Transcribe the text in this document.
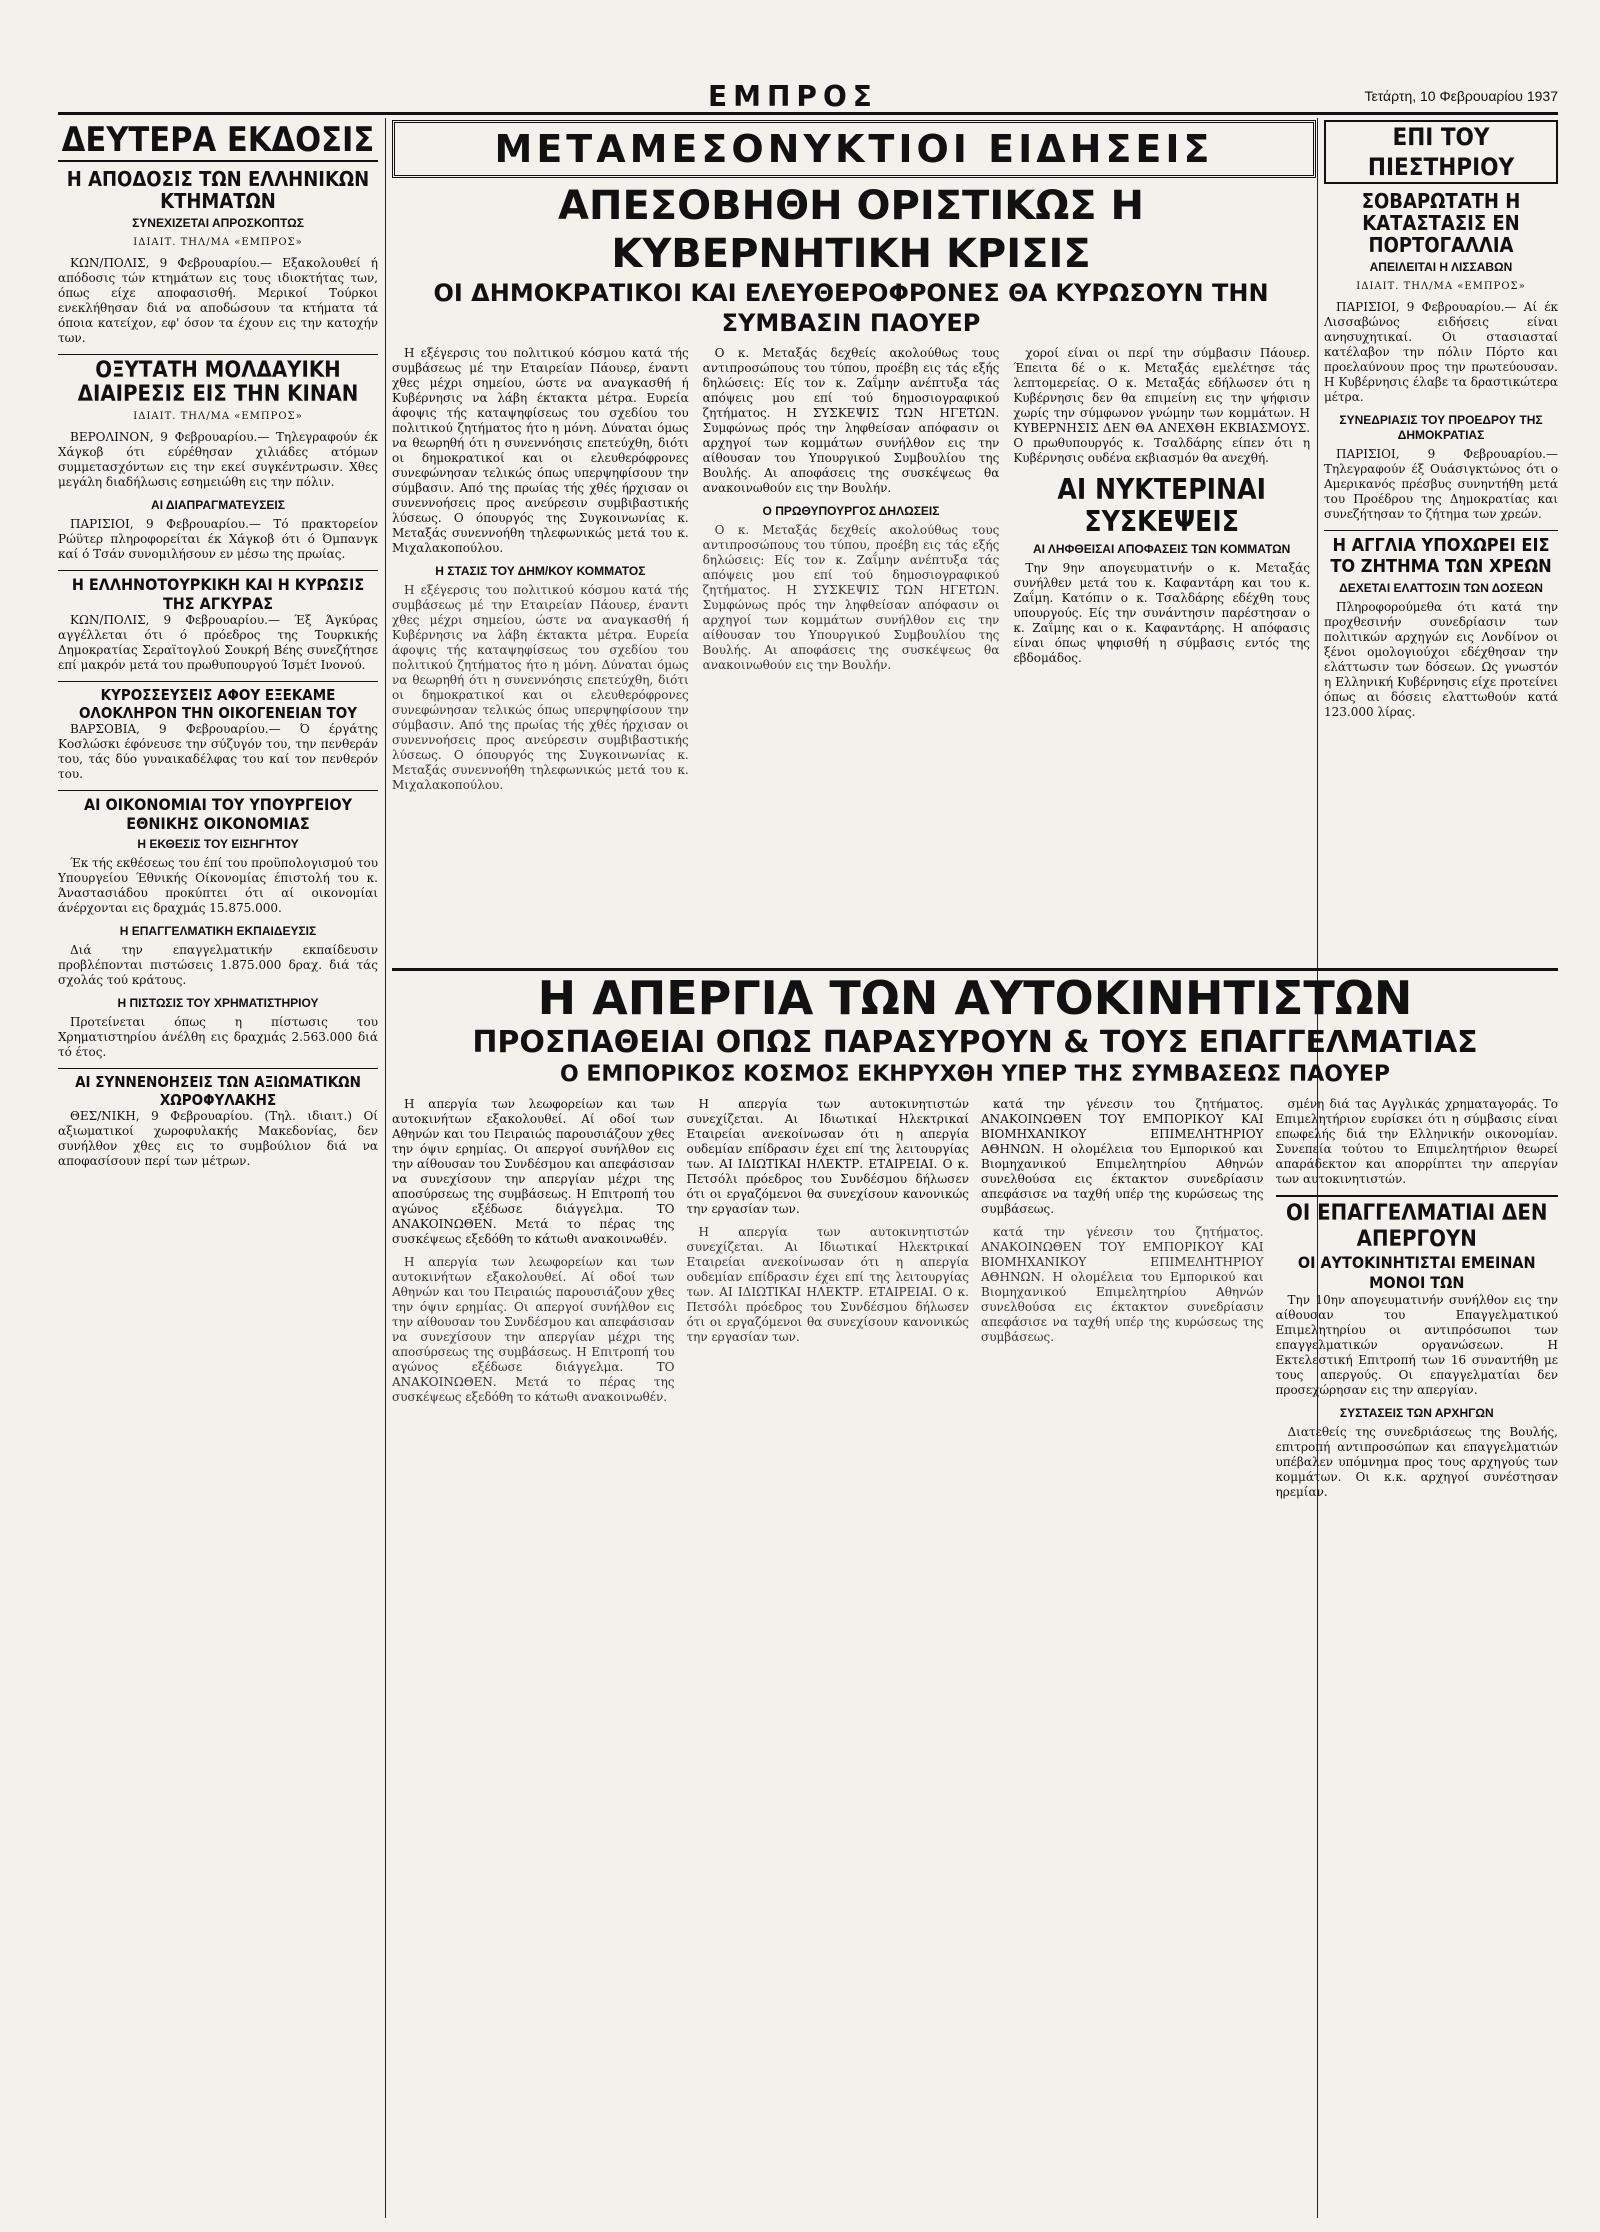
ΕΜΠΡΟΣ	Τετάρτη, 10 Φεβρουαρίου 1937
ΔΕΥΤΕΡΑ ΕΚΔΟΣΙΣ
Η ΑΠΟΔΟΣΙΣ ΤΩΝ ΕΛΛΗΝΙΚΩΝ ΚΤΗΜΑΤΩΝ
ΣΥΝΕΧΙΖΕΤΑΙ ΑΠΡΟΣΚΟΠΤΩΣ
ΙΔΙΑΙΤ. ΤΗΛ/ΜΑ «ΕΜΠΡΟΣ»

ΚΩΝ/ΠΟΛΙΣ, 9 Φεβρουαρίου.— Εξακολουθεί ή απόδοσις τών κτημάτων εις τους ιδιοκτήτας των, όπως είχε αποφασισθή. Μερικοί Τούρκοι ενεκλήθησαν διά να αποδώσουν τα κτήματα τά όποια κατείχον, εφ' όσον τα έχουν εις την κατοχήν των.

ΟΞΥΤΑΤΗ ΜΟΛΔΑΥΙΚΗ ΔΙΑΙΡΕΣΙΣ ΕΙΣ ΤΗΝ ΚΙΝΑΝ
ΙΔΙΑΙΤ. ΤΗΛ/ΜΑ «ΕΜΠΡΟΣ»

ΒΕΡΟΛΙΝΟΝ, 9 Φεβρουαρίου.— Τηλεγραφούν έκ Χάγκοβ ότι εύρέθησαν χιλιάδες ατόμων συμμετασχόντων εις την εκεί συγκέντρωσιν. Χθες μεγάλη διαδήλωσις εσημειώθη εις την πόλιν.

ΑΙ ΔΙΑΠΡΑΓΜΑΤΕΥΣΕΙΣ

ΠΑΡΙΣΙΟΙ, 9 Φεβρουαρίου.— Τό πρακτορείον Ρώϋτερ πληροφορείται έκ Χάγκοβ ότι ό Όμπανγκ καί ό Τσάν συνομιλήσουν εν μέσω της πρωίας.

Η ΕΛΛΗΝΟΤΟΥΡΚΙΚΗ ΚΑΙ Η ΚΥΡΩΣΙΣ ΤΗΣ ΑΓΚΥΡΑΣ

ΚΩΝ/ΠΟΛΙΣ, 9 Φεβρουαρίου.— Έξ Άγκύρας αγγέλλεται ότι ό πρόεδρος της Τουρκικής Δημοκρατίας Σεραϊτογλού Σουκρή Βέης συνεζήτησε επί μακρόν μετά του πρωθυπουργού Ίσμέτ Ινονού.

ΚΥΡΟΣΣΕΥΣΕΙΣ ΑΦΟΥ ΕΞΕΚΑΜΕ ΟΛΟΚΛΗΡΟΝ ΤΗΝ ΟΙΚΟΓΕΝΕΙΑΝ ΤΟΥ

ΒΑΡΣΟΒΙΑ, 9 Φεβρουαρίου.— Ό έργάτης Κοσλώσκι έφόνευσε την σύζυγόν του, την πενθεράν του, τάς δύο γυναικαδέλφας του καί τον πενθερόν του.

ΑΙ ΟΙΚΟΝΟΜΙΑΙ ΤΟΥ ΥΠΟΥΡΓΕΙΟΥ ΕΘΝΙΚΗΣ ΟΙΚΟΝΟΜΙΑΣ
Η ΕΚΘΕΣΙΣ ΤΟΥ ΕΙΣΗΓΗΤΟΥ

Έκ τής εκθέσεως του έπί του προϋπολογισμού του Υπουργείου Έθνικής Οίκονομίας έπιστολή του κ. Άναστασιάδου προκύπτει ότι αί οικονομίαι άνέρχονται εις δραχμάς 15.875.000.

Η ΕΠΑΓΓΕΛΜΑΤΙΚΗ ΕΚΠΑΙΔΕΥΣΙΣ

Διά την επαγγελματικήν εκπαίδευσιν προβλέπονται πιστώσεις 1.875.000 δραχ. διά τάς σχολάς τού κράτους.

Η ΠΙΣΤΩΣΙΣ ΤΟΥ ΧΡΗΜΑΤΙΣΤΗΡΙΟΥ

Προτείνεται όπως η πίστωσις του Χρηματιστηρίου άνέλθη εις δραχμάς 2.563.000 διά τό έτος.

ΑΙ ΣΥΝΝΕΝΟΗΣΕΙΣ ΤΩΝ ΑΞΙΩΜΑΤΙΚΩΝ ΧΩΡΟΦΥΛΑΚΗΣ

ΘΕΣ/ΝΙΚΗ, 9 Φεβρουαρίου. (Τηλ. ιδιαιτ.) Οί αξιωματικοί χωροφυλακής Μακεδονίας, δεν συνήλθον χθες εις το συμβούλιον διά να αποφασίσουν περί των μέτρων.

ΜΕΤΑΜΕΣΟΝΥΚΤΙΟΙ ΕΙΔΗΣΕΙΣ
ΑΠΕΣΟΒΗΘΗ ΟΡΙΣΤΙΚΩΣ Η ΚΥΒΕΡΝΗΤΙΚΗ ΚΡΙΣΙΣ
ΟΙ ΔΗΜΟΚΡΑΤΙΚΟΙ ΚΑΙ ΕΛΕΥΘΕΡΟΦΡΟΝΕΣ ΘΑ ΚΥΡΩΣΟΥΝ ΤΗΝ ΣΥΜΒΑΣΙΝ ΠΑΟΥΕΡ

Η εξέγερσις του πολιτικού κόσμου κατά τής συμβάσεως μέ την Εταιρείαν Πάουερ, έναντι χθες μέχρι σημείου, ώστε να αναγκασθή ή Κυβέρνησις να λάβη έκτακτα μέτρα. Ευρεία άφοψις τής καταψηφίσεως του σχεδίου του πολιτικού ζητήματος ήτο η μόνη. Δύναται όμως να θεωρηθή ότι η συνεννόησις επετεύχθη, διότι οι δημοκρατικοί και οι ελευθερόφρονες συνεφώνησαν τελικώς όπως υπερψηφίσουν την σύμβασιν. Από της πρωίας τής χθές ήρχισαν οι συνεννοήσεις προς ανεύρεσιν συμβιβαστικής λύσεως. Ο όπουργός της Συγκοινωνίας κ. Μεταξάς συνεννοήθη τηλεφωνικώς μετά του κ. Μιχαλακοπούλου.

Η ΣΤΑΣΙΣ ΤΟΥ ΔΗΜ/ΚΟΥ ΚΟΜΜΑΤΟΣ

Η εξέγερσις του πολιτικού κόσμου κατά τής συμβάσεως μέ την Εταιρείαν Πάουερ, έναντι χθες μέχρι σημείου, ώστε να αναγκασθή ή Κυβέρνησις να λάβη έκτακτα μέτρα. Ευρεία άφοψις τής καταψηφίσεως του σχεδίου του πολιτικού ζητήματος ήτο η μόνη. Δύναται όμως να θεωρηθή ότι η συνεννόησις επετεύχθη, διότι οι δημοκρατικοί και οι ελευθερόφρονες συνεφώνησαν τελικώς όπως υπερψηφίσουν την σύμβασιν. Από της πρωίας τής χθές ήρχισαν οι συνεννοήσεις προς ανεύρεσιν συμβιβαστικής λύσεως. Ο όπουργός της Συγκοινωνίας κ. Μεταξάς συνεννοήθη τηλεφωνικώς μετά του κ. Μιχαλακοπούλου.

Ο κ. Μεταξάς δεχθείς ακολούθως τους αντιπροσώπους του τύπου, προέβη εις τάς εξής δηλώσεις: Είς τον κ. Ζαΐμην ανέπτυξα τάς απόψεις μου επί τού δημοσιογραφικού ζητήματος. Η ΣΥΣΚΕΨΙΣ ΤΩΝ ΗΓΕΤΩΝ. Συμφώνως πρός την ληφθείσαν απόφασιν οι αρχηγοί των κομμάτων συνήλθον εις την αίθουσαν του Υπουργικού Συμβουλίου της Βουλής. Αι αποφάσεις της συσκέψεως θα ανακοινωθούν εις την Βουλήν.

Ο ΠΡΩΘΥΠΟΥΡΓΟΣ ΔΗΛΩΣΕΙΣ

Ο κ. Μεταξάς δεχθείς ακολούθως τους αντιπροσώπους του τύπου, προέβη εις τάς εξής δηλώσεις: Είς τον κ. Ζαΐμην ανέπτυξα τάς απόψεις μου επί τού δημοσιογραφικού ζητήματος. Η ΣΥΣΚΕΨΙΣ ΤΩΝ ΗΓΕΤΩΝ. Συμφώνως πρός την ληφθείσαν απόφασιν οι αρχηγοί των κομμάτων συνήλθον εις την αίθουσαν του Υπουργικού Συμβουλίου της Βουλής. Αι αποφάσεις της συσκέψεως θα ανακοινωθούν εις την Βουλήν.

χοροί είναι οι περί την σύμβασιν Πάουερ. Έπειτα δέ ο κ. Μεταξάς εμελέτησε τάς λεπτομερείας. Ο κ. Μεταξάς εδήλωσεν ότι η Κυβέρνησις δεν θα επιμείνη εις την ψήφισιν χωρίς την σύμφωνον γνώμην των κομμάτων. Η ΚΥΒΕΡΝΗΣΙΣ ΔΕΝ ΘΑ ΑΝΕΧΘΗ ΕΚΒΙΑΣΜΟΥΣ. Ο πρωθυπουργός κ. Τσαλδάρης είπεν ότι η Κυβέρνησις ουδένα εκβιασμόν θα ανεχθή.

ΑΙ ΝΥΚΤΕΡΙΝΑΙ ΣΥΣΚΕΨΕΙΣ
ΑΙ ΛΗΦΘΕΙΣΑΙ ΑΠΟΦΑΣΕΙΣ ΤΩΝ ΚΟΜΜΑΤΩΝ

Την 9ην απογευματινήν ο κ. Μεταξάς συνήλθεν μετά του κ. Καφαντάρη και του κ. Ζαΐμη. Κατόπιν ο κ. Τσαλδάρης εδέχθη τους υπουργούς. Είς την συνάντησιν παρέστησαν ο κ. Ζαΐμης και ο κ. Καφαντάρης. Η απόφασις είναι όπως ψηφισθή η σύμβασις εντός της εβδομάδος.

ΕΠΙ ΤΟΥ ΠΙΕΣΤΗΡΙΟΥ
ΣΟΒΑΡΩΤΑΤΗ Η ΚΑΤΑΣΤΑΣΙΣ ΕΝ ΠΟΡΤΟΓΑΛΛΙΑ
ΑΠΕΙΛΕΙΤΑΙ Η ΛΙΣΣΑΒΩΝ
ΙΔΙΑΙΤ. ΤΗΛ/ΜΑ «ΕΜΠΡΟΣ»

ΠΑΡΙΣΙΟΙ, 9 Φεβρουαρίου.— Αί έκ Λισσαβώνος ειδήσεις είναι ανησυχητικαί. Οι στασιασταί κατέλαβον την πόλιν Πόρτο και προελαύνουν προς την πρωτεύουσαν. Η Κυβέρνησις έλαβε τα δραστικώτερα μέτρα.

ΣΥΝΕΔΡΙΑΣΙΣ ΤΟΥ ΠΡΟΕΔΡΟΥ ΤΗΣ ΔΗΜΟΚΡΑΤΙΑΣ

ΠΑΡΙΣΙΟΙ, 9 Φεβρουαρίου.— Τηλεγραφούν έξ Ουάσιγκτώνος ότι ο Αμερικανός πρέσβυς συνηντήθη μετά του Προέδρου της Δημοκρατίας και συνεζήτησαν το ζήτημα των χρεών.

Η ΑΓΓΛΙΑ ΥΠΟΧΩΡΕΙ ΕΙΣ ΤΟ ΖΗΤΗΜΑ ΤΩΝ ΧΡΕΩΝ
ΔΕΧΕΤΑΙ ΕΛΑΤΤΟΣΙΝ ΤΩΝ ΔΟΣΕΩΝ

Πληροφορούμεθα ότι κατά την προχθεσινήν συνεδρίασιν των πολιτικών αρχηγών εις Λονδίνον οι ξένοι ομολογιούχοι εδέχθησαν την ελάττωσιν των δόσεων. Ως γνωστόν η Ελληνική Κυβέρνησις είχε προτείνει όπως αι δόσεις ελαττωθούν κατά 123.000 λίρας.

Η ΑΠΕΡΓΙΑ ΤΩΝ ΑΥΤΟΚΙΝΗΤΙΣΤΩΝ
ΠΡΟΣΠΑΘΕΙΑΙ ΟΠΩΣ ΠΑΡΑΣΥΡΟΥΝ & ΤΟΥΣ ΕΠΑΓΓΕΛΜΑΤΙΑΣ
Ο ΕΜΠΟΡΙΚΟΣ ΚΟΣΜΟΣ ΕΚΗΡΥΧΘΗ ΥΠΕΡ ΤΗΣ ΣΥΜΒΑΣΕΩΣ ΠΑΟΥΕΡ

Η απεργία των λεωφορείων και των αυτοκινήτων εξακολουθεί. Αί οδοί των Αθηνών και του Πειραιώς παρουσιάζουν χθες την όψιν ερημίας. Οι απεργοί συνήλθον εις την αίθουσαν του Συνδέσμου και απεφάσισαν να συνεχίσουν την απεργίαν μέχρι της αποσύρσεως της συμβάσεως. Η Επιτροπή του αγώνος εξέδωσε διάγγελμα. ΤΟ ΑΝΑΚΟΙΝΩΘΕΝ. Μετά το πέρας της συσκέψεως εξεδόθη το κάτωθι ανακοινωθέν.

Η απεργία των λεωφορείων και των αυτοκινήτων εξακολουθεί. Αί οδοί των Αθηνών και του Πειραιώς παρουσιάζουν χθες την όψιν ερημίας. Οι απεργοί συνήλθον εις την αίθουσαν του Συνδέσμου και απεφάσισαν να συνεχίσουν την απεργίαν μέχρι της αποσύρσεως της συμβάσεως. Η Επιτροπή του αγώνος εξέδωσε διάγγελμα. ΤΟ ΑΝΑΚΟΙΝΩΘΕΝ. Μετά το πέρας της συσκέψεως εξεδόθη το κάτωθι ανακοινωθέν.

Η απεργία των αυτοκινητιστών συνεχίζεται. Αι Ιδιωτικαί Ηλεκτρικαί Εταιρείαι ανεκοίνωσαν ότι η απεργία ουδεμίαν επίδρασιν έχει επί της λειτουργίας των. ΑΙ ΙΔΙΩΤΙΚΑΙ ΗΛΕΚΤΡ. ΕΤΑΙΡΕΙΑΙ. Ο κ. Πετσόλι πρόεδρος του Συνδέσμου δήλωσεν ότι οι εργαζόμενοι θα συνεχίσουν κανονικώς την εργασίαν των.

Η απεργία των αυτοκινητιστών συνεχίζεται. Αι Ιδιωτικαί Ηλεκτρικαί Εταιρείαι ανεκοίνωσαν ότι η απεργία ουδεμίαν επίδρασιν έχει επί της λειτουργίας των. ΑΙ ΙΔΙΩΤΙΚΑΙ ΗΛΕΚΤΡ. ΕΤΑΙΡΕΙΑΙ. Ο κ. Πετσόλι πρόεδρος του Συνδέσμου δήλωσεν ότι οι εργαζόμενοι θα συνεχίσουν κανονικώς την εργασίαν των.

κατά την γένεσιν του ζητήματος. ΑΝΑΚΟΙΝΩΘΕΝ ΤΟΥ ΕΜΠΟΡΙΚΟΥ ΚΑΙ ΒΙΟΜΗΧΑΝΙΚΟΥ ΕΠΙΜΕΛΗΤΗΡΙΟΥ ΑΘΗΝΩΝ. Η ολομέλεια του Εμπορικού και Βιομηχανικού Επιμελητηρίου Αθηνών συνελθούσα εις έκτακτον συνεδρίασιν απεφάσισε να ταχθή υπέρ της κυρώσεως της συμβάσεως.

κατά την γένεσιν του ζητήματος. ΑΝΑΚΟΙΝΩΘΕΝ ΤΟΥ ΕΜΠΟΡΙΚΟΥ ΚΑΙ ΒΙΟΜΗΧΑΝΙΚΟΥ ΕΠΙΜΕΛΗΤΗΡΙΟΥ ΑΘΗΝΩΝ. Η ολομέλεια του Εμπορικού και Βιομηχανικού Επιμελητηρίου Αθηνών συνελθούσα εις έκτακτον συνεδρίασιν απεφάσισε να ταχθή υπέρ της κυρώσεως της συμβάσεως.

σμένη διά τας Αγγλικάς χρηματαγοράς. Το Επιμελητήριον ευρίσκει ότι η σύμβασις είναι επωφελής διά την Ελληνικήν οικονομίαν. Συνεπεία τούτου το Επιμελητήριον θεωρεί απαράδεκτον και απορρίπτει την απεργίαν των αυτοκινητιστών.

ΟΙ ΕΠΑΓΓΕΛΜΑΤΙΑΙ ΔΕΝ ΑΠΕΡΓΟΥΝ
ΟΙ ΑΥΤΟΚΙΝΗΤΙΣΤΑΙ ΕΜΕΙΝΑΝ ΜΟΝΟΙ ΤΩΝ

Την 10ην απογευματινήν συνήλθον εις την αίθουσαν του Επαγγελματικού Επιμελητηρίου οι αντιπρόσωποι των επαγγελματικών οργανώσεων. Η Εκτελεστική Επιτροπή των 16 συναντήθη με τους απεργούς. Οι επαγγελματίαι δεν προσεχώρησαν εις την απεργίαν.

ΣΥΣΤΑΣΕΙΣ ΤΩΝ ΑΡΧΗΓΩΝ

Διατεθείς της συνεδριάσεως της Βουλής, επιτροπή αντιπροσώπων και επαγγελματιών υπέβαλεν υπόμνημα προς τους αρχηγούς των κομμάτων. Οι κ.κ. αρχηγοί συνέστησαν ηρεμίαν.
